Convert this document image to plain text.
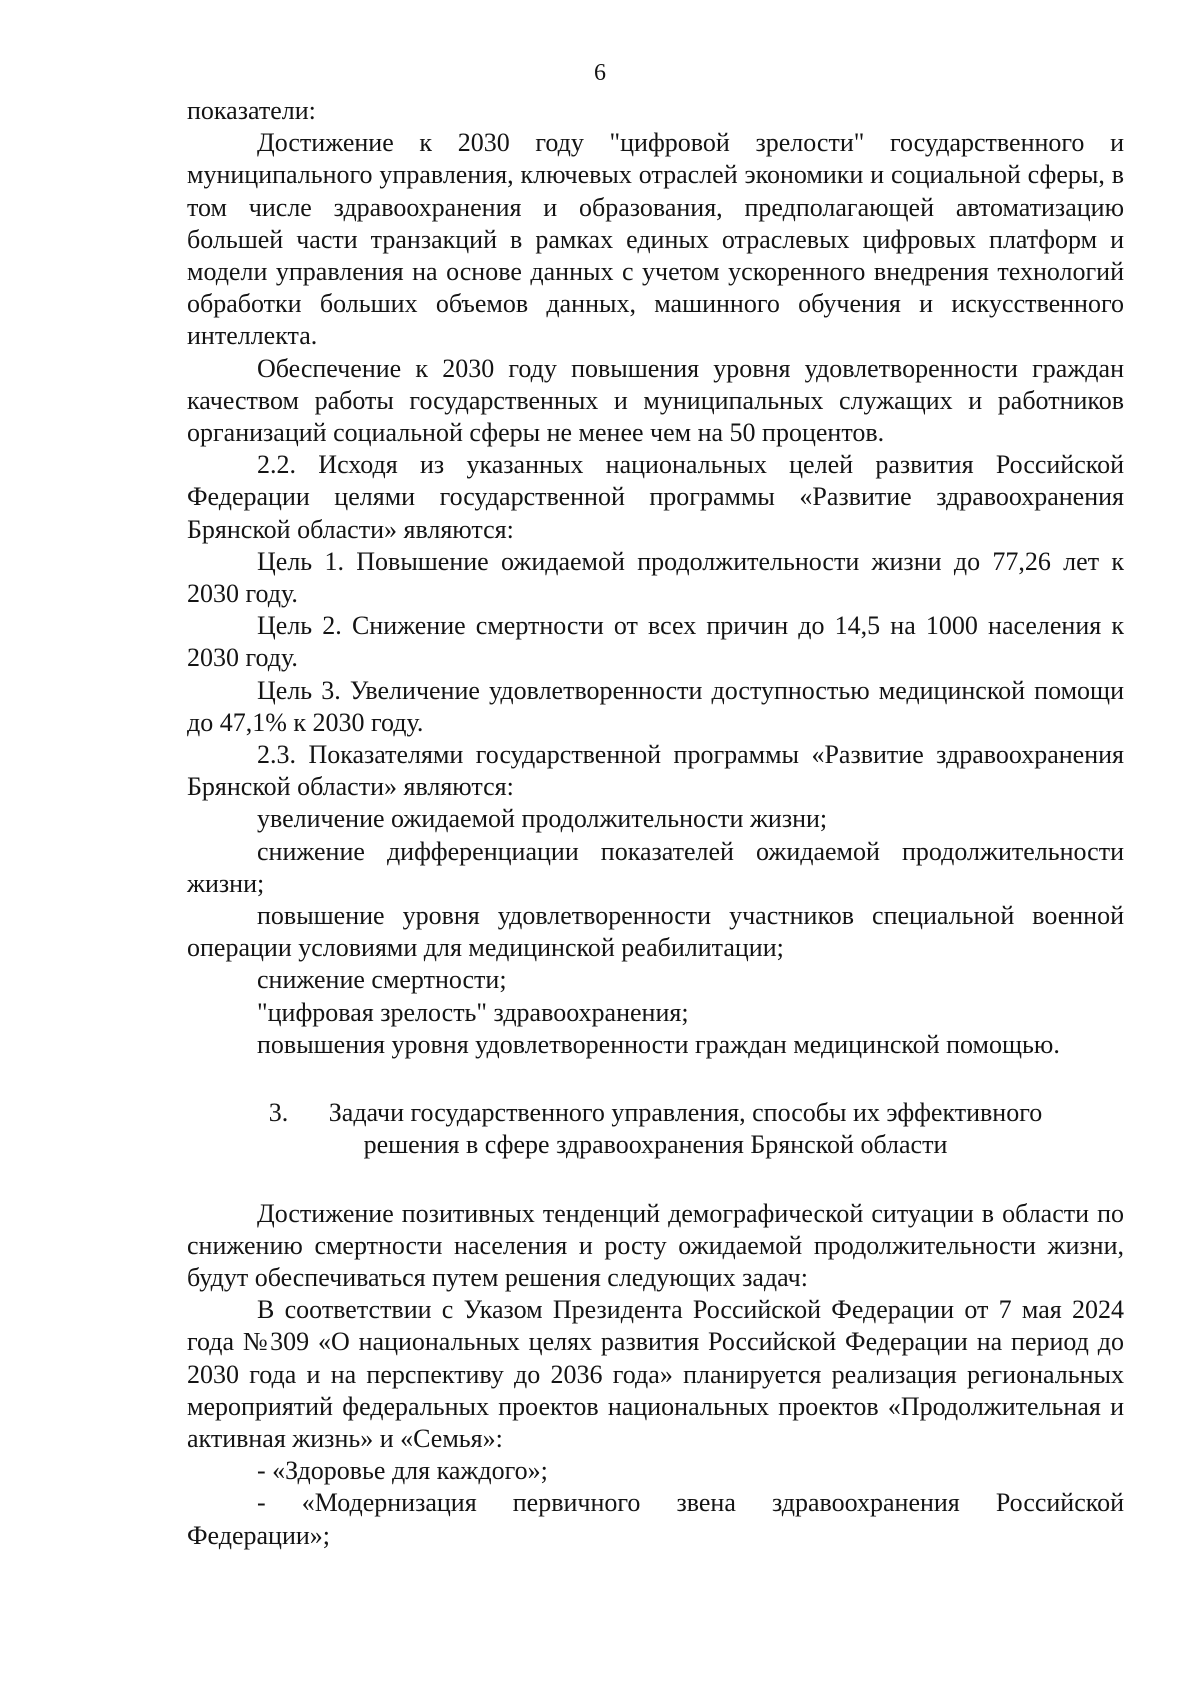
6

показатели:

Достижение к 2030 году "цифровой зрелости" государственного и муниципального управления, ключевых отраслей экономики и социальной сферы, в том числе здравоохранения и образования, предполагающей автоматизацию большей части транзакций в рамках единых отраслевых цифровых платформ и модели управления на основе данных с учетом ускоренного внедрения технологий обработки больших объемов данных, машинного обучения и искусственного интеллекта.

Обеспечение к 2030 году повышения уровня удовлетворенности граждан качеством работы государственных и муниципальных служащих и работников организаций социальной сферы не менее чем на 50 процентов.

2.2. Исходя из указанных национальных целей развития Российской Федерации целями государственной программы «Развитие здравоохранения Брянской области» являются:

Цель 1. Повышение ожидаемой продолжительности жизни до 77,26 лет к 2030 году.

Цель 2. Снижение смертности от всех причин до 14,5 на 1000 населения к 2030 году.

Цель 3. Увеличение удовлетворенности доступностью медицинской помощи до 47,1% к 2030 году.

2.3. Показателями государственной программы «Развитие здравоохранения Брянской области» являются:

увеличение ожидаемой продолжительности жизни;

снижение дифференциации показателей ожидаемой продолжительности жизни;

повышение уровня удовлетворенности участников специальной военной операции условиями для медицинской реабилитации;

снижение смертности;

"цифровая зрелость" здравоохранения;

повышения уровня удовлетворенности граждан медицинской помощью.

3. Задачи государственного управления, способы их эффективного
решения в сфере здравоохранения Брянской области

Достижение позитивных тенденций демографической ситуации в области по снижению смертности населения и росту ожидаемой продолжительности жизни, будут обеспечиваться путем решения следующих задач:

В соответствии с Указом Президента Российской Федерации от 7 мая 2024 года №309 «О национальных целях развития Российской Федерации на период до 2030 года и на перспективу до 2036 года» планируется реализация региональных мероприятий федеральных проектов национальных проектов «Продолжительная и активная жизнь» и «Семья»:

- «Здоровье для каждого»;

- «Модернизация первичного звена здравоохранения Российской Федерации»;
